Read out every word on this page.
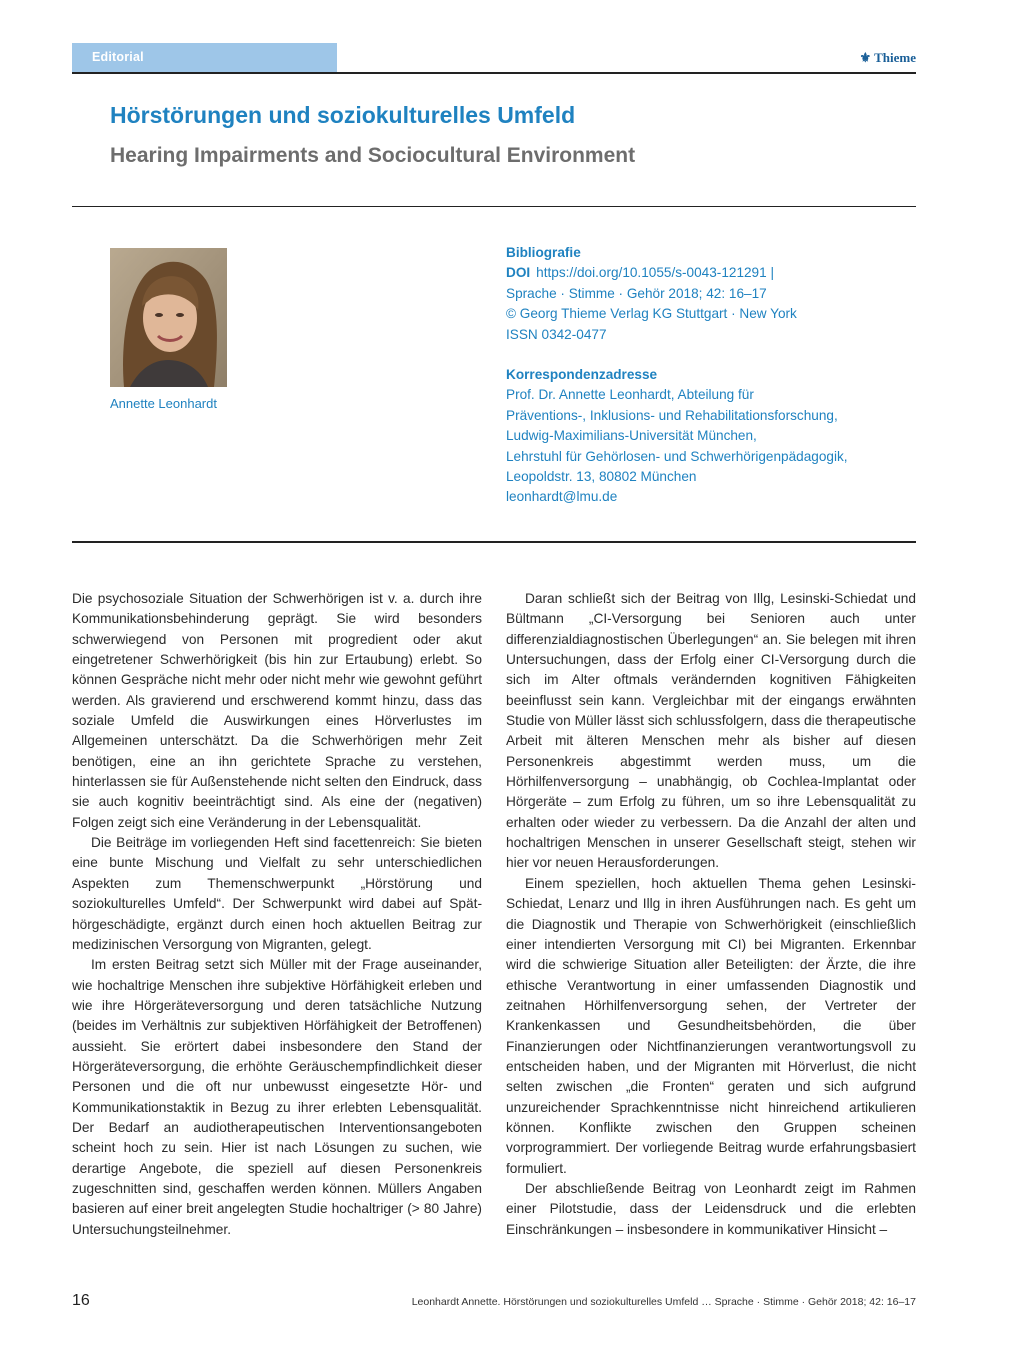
Editorial	⚜ Thieme
Hörstörungen und soziokulturelles Umfeld
Hearing Impairments and Sociocultural Environment
Annette Leonhardt
Bibliografie
DOI https://doi.org/10.1055/s-0043-121291 |
Sprache · Stimme · Gehör 2018; 42: 16–17
© Georg Thieme Verlag KG Stuttgart · New York
ISSN 0342-0477
Korrespondenzadresse
Prof. Dr. Annette Leonhardt, Abteilung für
Präventions-, Inklusions- und Rehabilitationsforschung,
Ludwig-Maximilians-Universität München,
Lehrstuhl für Gehörlosen- und Schwerhörigenpädagogik,
Leopoldstr. 13, 80802 München
leonhardt@lmu.de

Die psychosoziale Situation der Schwerhörigen ist v. a. durch ihre Kommunikationsbehinderung geprägt. Sie wird besonders schwerwiegend von Personen mit progredient oder akut eingetretener Schwerhörigkeit (bis hin zur Ertaubung) erlebt. So können Gespräche nicht mehr oder nicht mehr wie gewohnt geführt werden. Als gravierend und erschwerend kommt hinzu, dass das soziale Umfeld die Auswirkungen eines Hörverlustes im Allgemeinen unterschätzt. Da die Schwerhörigen mehr Zeit benötigen, eine an ihn gerichtete Sprache zu verstehen, hinterlassen sie für Außenstehende nicht selten den Eindruck, dass sie auch kognitiv beeinträchtigt sind. Als eine der (negativen) Folgen zeigt sich eine Veränderung in der Lebensqualität.

Die Beiträge im vorliegenden Heft sind facettenreich: Sie bieten eine bunte Mischung und Vielfalt zu sehr unterschiedlichen Aspekten zum Themenschwerpunkt „Hörstörung und soziokulturelles Umfeld“. Der Schwerpunkt wird dabei auf Späthörgeschädigte, ergänzt durch einen hoch aktuellen Beitrag zur medizinischen Versorgung von Migranten, gelegt.

Im ersten Beitrag setzt sich Müller mit der Frage auseinander, wie hochaltrige Menschen ihre subjektive Hörfähigkeit erleben und wie ihre Hörgeräteversorgung und deren tatsächliche Nutzung (beides im Verhältnis zur subjektiven Hörfähigkeit der Betroffenen) aussieht. Sie erörtert dabei insbesondere den Stand der Hörgeräteversorgung, die erhöhte Geräuschempfindlichkeit dieser Personen und die oft nur unbewusst eingesetzte Hör- und Kommunikationstaktik in Bezug zu ihrer erlebten Lebensqualität. Der Bedarf an audiotherapeutischen Interventionsangeboten scheint hoch zu sein. Hier ist nach Lösungen zu suchen, wie derartige Angebote, die speziell auf diesen Personenkreis zugeschnitten sind, geschaffen werden können. Müllers Angaben basieren auf einer breit angelegten Studie hochaltriger (> 80 Jahre) Untersuchungsteilnehmer.

Daran schließt sich der Beitrag von Illg, Lesinski-Schiedat und Bültmann „CI-Versorgung bei Senioren auch unter differenzialdiagnostischen Überlegungen“ an. Sie belegen mit ihren Untersuchungen, dass der Erfolg einer CI-Versorgung durch die sich im Alter oftmals verändernden kognitiven Fähigkeiten beeinflusst sein kann. Vergleichbar mit der eingangs erwähnten Studie von Müller lässt sich schlussfolgern, dass die therapeutische Arbeit mit älteren Menschen mehr als bisher auf diesen Personenkreis abgestimmt werden muss, um die Hörhilfenversorgung – unabhängig, ob Cochlea-Implantat oder Hörgeräte – zum Erfolg zu führen, um so ihre Lebensqualität zu erhalten oder wieder zu verbessern. Da die Anzahl der alten und hochaltrigen Menschen in unserer Gesellschaft steigt, stehen wir hier vor neuen Herausforderungen.

Einem speziellen, hoch aktuellen Thema gehen Lesinski-Schiedat, Lenarz und Illg in ihren Ausführungen nach. Es geht um die Diagnostik und Therapie von Schwerhörigkeit (einschließlich einer intendierten Versorgung mit CI) bei Migranten. Erkennbar wird die schwierige Situation aller Beteiligten: der Ärzte, die ihre ethische Verantwortung in einer umfassenden Diagnostik und zeitnahen Hörhilfenversorgung sehen, der Vertreter der Krankenkassen und Gesundheitsbehörden, die über Finanzierungen oder Nichtfinanzierungen verantwortungsvoll zu entscheiden haben, und der Migranten mit Hörverlust, die nicht selten zwischen „die Fronten“ geraten und sich aufgrund unzureichender Sprachkenntnisse nicht hinreichend artikulieren können. Konflikte zwischen den Gruppen scheinen vorprogrammiert. Der vorliegende Beitrag wurde erfahrungsbasiert formuliert.

Der abschließende Beitrag von Leonhardt zeigt im Rahmen einer Pilotstudie, dass der Leidensdruck und die erlebten Einschränkungen – insbesondere in kommunikativer Hinsicht –

16	Leonhardt Annette. Hörstörungen und soziokulturelles Umfeld … Sprache · Stimme · Gehör 2018; 42: 16–17
